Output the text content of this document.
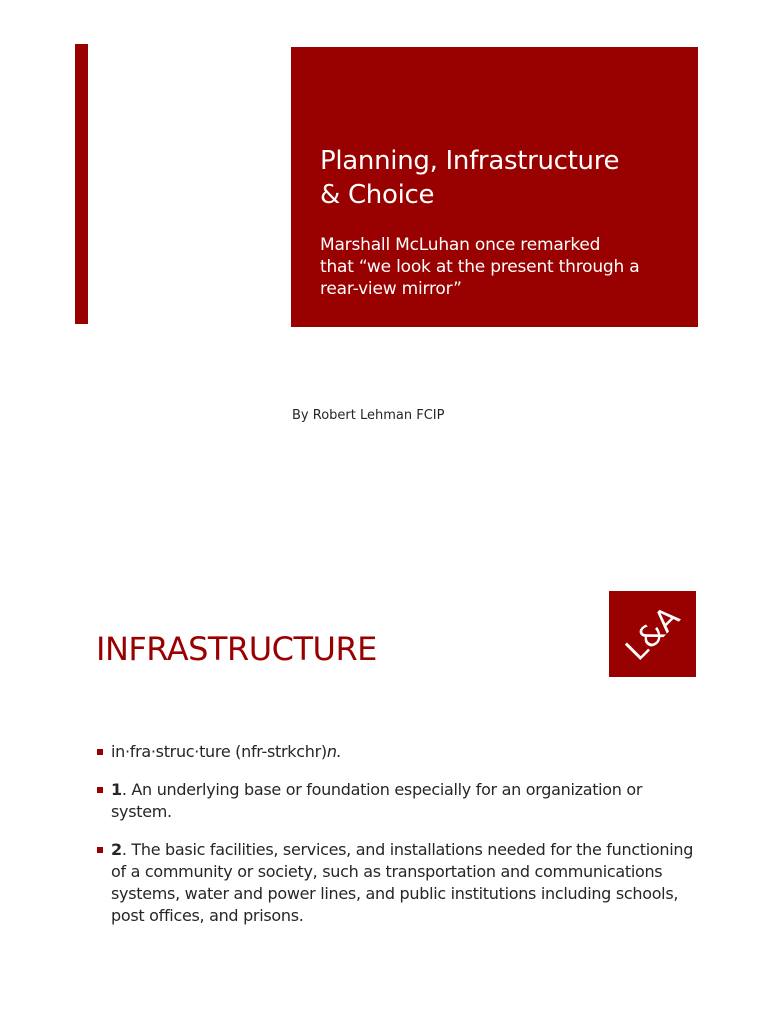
Planning, Infrastructure
& Choice
Marshall McLuhan once remarked
that “we look at the present through a
rear-view mirror”
By Robert Lehman FCIP
INFRASTRUCTURE	L&A
in·fra·struc·ture (nfr-strkchr)n.
1. An underlying base or foundation especially for an organization or system.
2. The basic facilities, services, and installations needed for the functioning of a community or society, such as transportation and communications systems, water and power lines, and public institutions including schools, post offices, and prisons.
